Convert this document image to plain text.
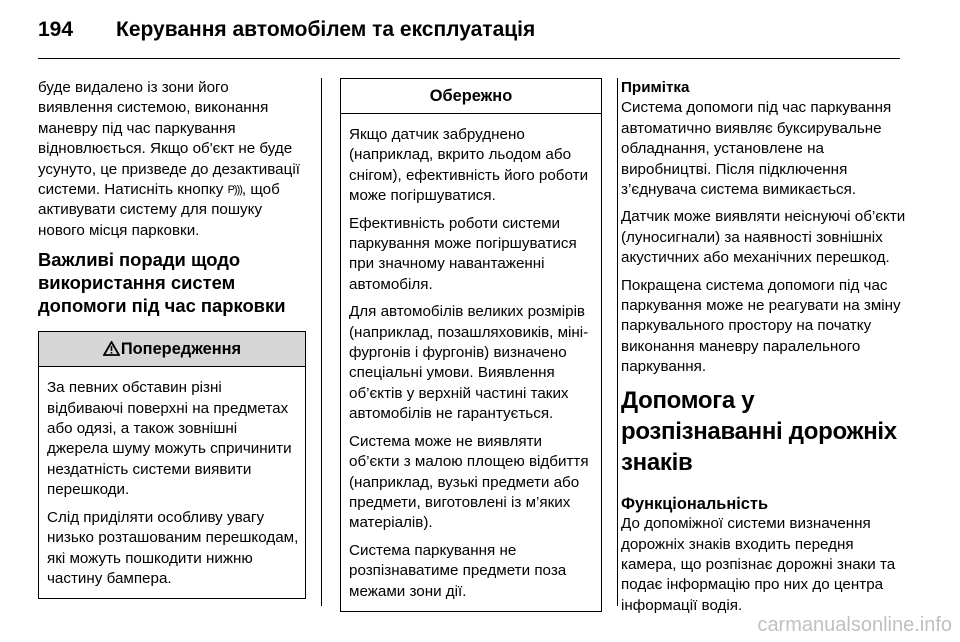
194 Керування автомобілем та експлуатація

буде видалено із зони його виявлення системою, виконання маневру під час паркування відновлюється. Якщо об'єкт не буде усунуто, це призведе до дезактивації системи. Натисніть кнопку P))), щоб активувати систему для пошуку нового місця парковки.

Важливі поради щодо використання систем допомоги під час парковки
Попередження

За певних обставин різні відбиваючі поверхні на предметах або одязі, а також зовнішні джерела шуму можуть спричинити нездатність системи виявити перешкоди.

Слід приділяти особливу увагу низько розташованим перешкодам, які можуть пошкодити нижню частину бампера.

Обережно

Якщо датчик забруднено (наприклад, вкрито льодом або снігом), ефективність його роботи може погіршуватися.

Ефективність роботи системи паркування може погіршуватися при значному навантаженні автомобіля.

Для автомобілів великих розмірів (наприклад, позашляховиків, міні-фургонів і фургонів) визначено спеціальні умови. Виявлення об’єктів у верхній частині таких автомобілів не гарантується.

Система може не виявляти об’єкти з малою площею відбиття (наприклад, вузькі предмети або предмети, виготовлені із м’яких матеріалів).

Система паркування не розпізнаватиме предмети поза межами зони дії.

Примітка

Система допомоги під час паркування автоматично виявляє буксирувальне обладнання, установлене на виробництві. Після підключення з’єднувача система вимикається.

Датчик може виявляти неіснуючі об’єкти (луносигнали) за наявності зовнішніх акустичних або механічних перешкод.

Покращена система допомоги під час паркування може не реагувати на зміну паркувального простору на початку виконання маневру паралельного паркування.

Допомога у розпізнаванні дорожніх знаків
Функціональність

До допоміжної системи визначення дорожніх знаків входить передня камера, що розпізнає дорожні знаки та подає інформацію про них до центра інформації водія.

carmanualsonline.info
